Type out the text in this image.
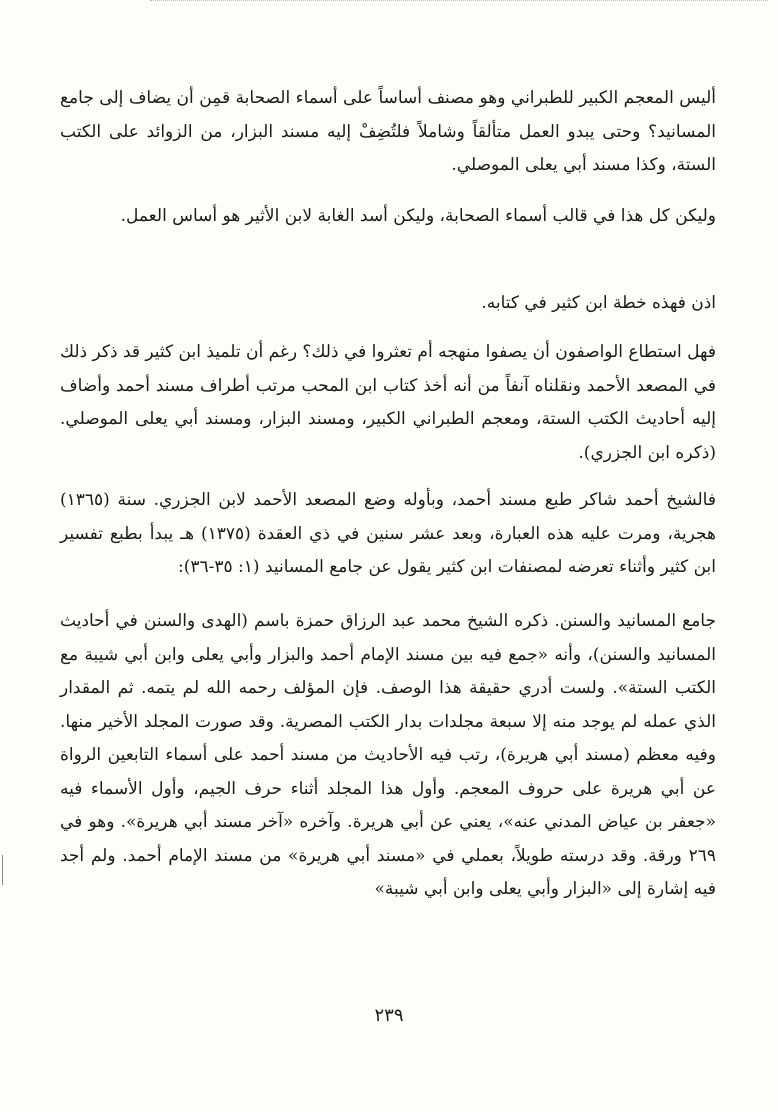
أليس المعجم الكبير للطبراني وهو مصنف أساساً على أسماء الصحابة قمِن أن يضاف إلى جامع المسانيد؟ وحتى يبدو العمل متألقاً وشاملاً فلتُضِفْ إليه مسند البزار، من الزوائد على الكتب الستة، وكذا مسند أبي يعلى الموصلي.

وليكن كل هذا في قالب أسماء الصحابة، وليكن أسد الغابة لابن الأثير هو أساس العمل.

اذن فهذه خطة ابن كثير في كتابه.

فهل استطاع الواصفون أن يصفوا منهجه أم تعثروا في ذلك؟ رغم أن تلميذ ابن كثير قد ذكر ذلك في المصعد الأحمد ونقلناه آنفاً من أنه أخذ كتاب ابن المحب مرتب أطراف مسند أحمد وأضاف إليه أحاديث الكتب الستة، ومعجم الطبراني الكبير، ومسند البزار، ومسند أبي يعلى الموصلي. (ذكره ابن الجزري).

فالشيخ أحمد شاكر طبع مسند أحمد، وبأوله وضع المصعد الأحمد لابن الجزري. سنة (١٣٦٥) هجرية، ومرت عليه هذه العبارة، وبعد عشر سنين في ذي العقدة (١٣٧٥) هـ يبدأ بطبع تفسير ابن كثير وأثناء تعرضه لمصنفات ابن كثير يقول عن جامع المسانيد (١: ٣٥-٣٦):

جامع المسانيد والسنن. ذكره الشيخ محمد عبد الرزاق حمزة باسم (الهدى والسنن في أحاديث المسانيد والسنن)، وأنه «جمع فيه بين مسند الإمام أحمد والبزار وأبي يعلى وابن أبي شيبة مع الكتب الستة». ولست أدري حقيقة هذا الوصف. فإن المؤلف رحمه الله لم يتمه. ثم المقدار الذي عمله لم يوجد منه إلا سبعة مجلدات بدار الكتب المصرية. وقد صورت المجلد الأخير منها. وفيه معظم (مسند أبي هريرة)، رتب فيه الأحاديث من مسند أحمد على أسماء التابعين الرواة عن أبي هريرة على حروف المعجم. وأول هذا المجلد أثناء حرف الجيم، وأول الأسماء فيه «جعفر بن عياض المدني عنه»، يعني عن أبي هريرة. وآخره «آخر مسند أبي هريرة». وهو في ٢٦٩ ورقة. وقد درسته طويلاً، بعملي في «مسند أبي هريرة» من مسند الإمام أحمد. ولم أجد فيه إشارة إلى «البزار وأبي يعلى وابن أبي شيبة»

٢٣٩
